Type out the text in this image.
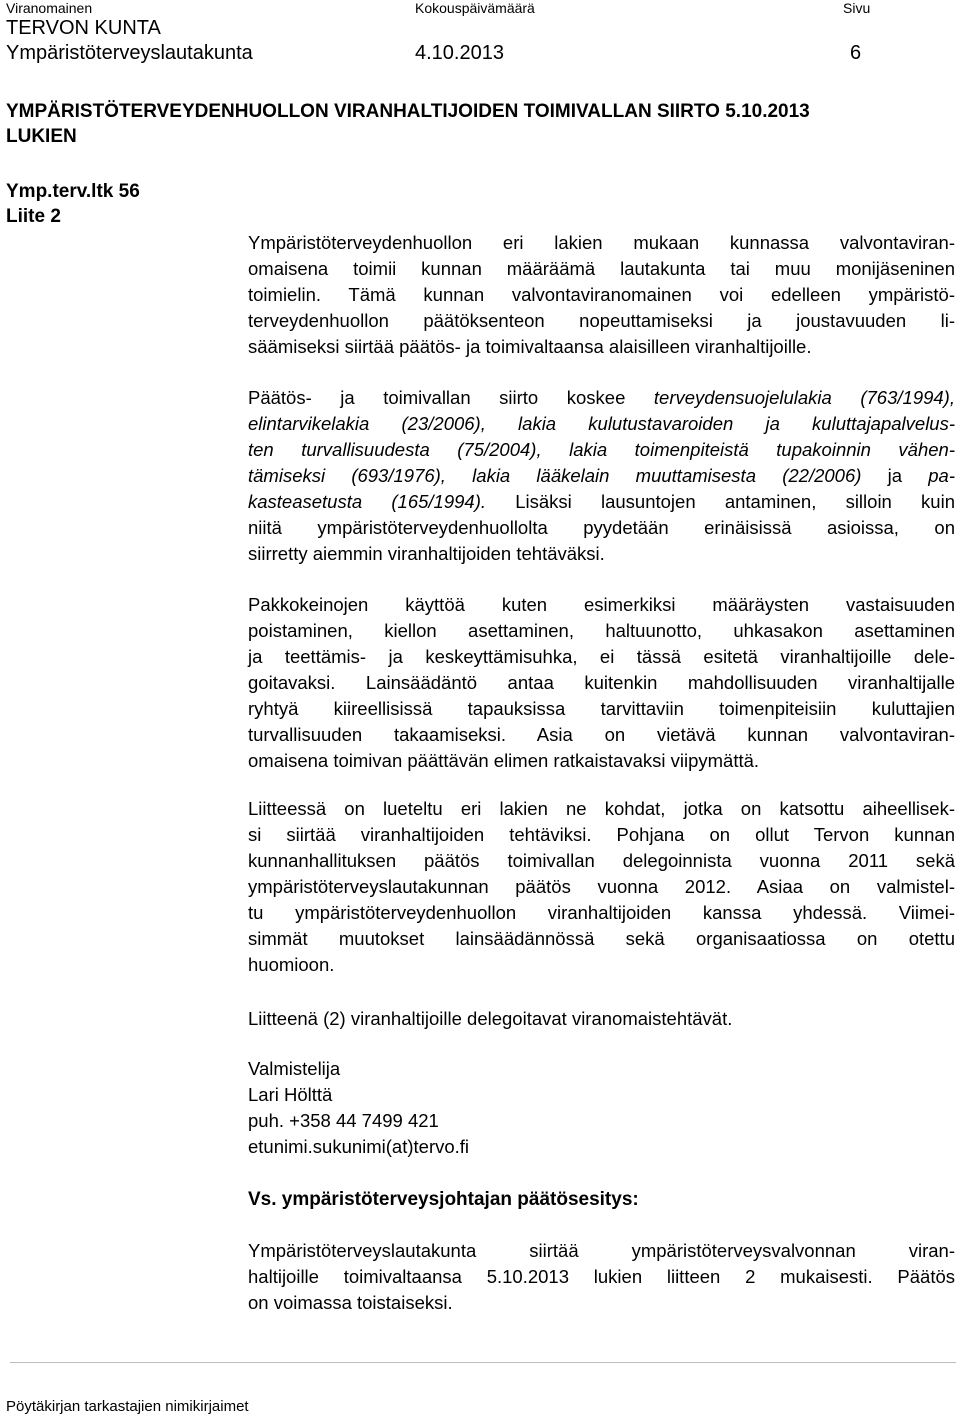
Viranomainen	Kokouspäivämäärä	Sivu
TERVON KUNTA
Ympäristöterveyslautakunta	4.10.2013	6
YMPÄRISTÖTERVEYDENHUOLLON VIRANHALTIJOIDEN TOIMIVALLAN SIIRTO 5.10.2013
LUKIEN
Ymp.terv.ltk 56
Liite 2
Ympäristöterveydenhuollon eri lakien mukaan kunnassa valvontaviran-
omaisena toimii kunnan määräämä lautakunta tai muu monijäseninen
toimielin. Tämä kunnan valvontaviranomainen voi edelleen ympäristö-
terveydenhuollon päätöksenteon nopeuttamiseksi ja joustavuuden li-
säämiseksi siirtää päätös- ja toimivaltaansa alaisilleen viranhaltijoille.
Päätös- ja toimivallan siirto koskee terveydensuojelulakia (763/1994),
elintarvikelakia (23/2006), lakia kulutustavaroiden ja kuluttajapalvelus-
ten turvallisuudesta (75/2004), lakia toimenpiteistä tupakoinnin vähen-
tämiseksi (693/1976), lakia lääkelain muuttamisesta (22/2006) ja pa-
kasteasetusta (165/1994). Lisäksi lausuntojen antaminen, silloin kuin
niitä ympäristöterveydenhuollolta pyydetään erinäisissä asioissa, on
siirretty aiemmin viranhaltijoiden tehtäväksi.
Pakkokeinojen käyttöä kuten esimerkiksi määräysten vastaisuuden
poistaminen, kiellon asettaminen, haltuunotto, uhkasakon asettaminen
ja teettämis- ja keskeyttämisuhka, ei tässä esitetä viranhaltijoille dele-
goitavaksi. Lainsäädäntö antaa kuitenkin mahdollisuuden viranhaltijalle
ryhtyä kiireellisissä tapauksissa tarvittaviin toimenpiteisiin kuluttajien
turvallisuuden takaamiseksi. Asia on vietävä kunnan valvontaviran-
omaisena toimivan päättävän elimen ratkaistavaksi viipymättä.
Liitteessä on lueteltu eri lakien ne kohdat, jotka on katsottu aiheellisek-
si siirtää viranhaltijoiden tehtäviksi. Pohjana on ollut Tervon kunnan
kunnanhallituksen päätös toimivallan delegoinnista vuonna 2011 sekä
ympäristöterveyslautakunnan päätös vuonna 2012. Asiaa on valmistel-
tu ympäristöterveydenhuollon viranhaltijoiden kanssa yhdessä. Viimei-
simmät muutokset lainsäädännössä sekä organisaatiossa on otettu
huomioon.
Liitteenä (2) viranhaltijoille delegoitavat viranomaistehtävät.
Valmistelija
Lari Hölttä
puh. +358 44 7499 421
etunimi.sukunimi(at)tervo.fi
Vs. ympäristöterveysjohtajan päätösesitys:
Ympäristöterveyslautakunta siirtää ympäristöterveysvalvonnan viran-
haltijoille toimivaltaansa 5.10.2013 lukien liitteen 2 mukaisesti. Päätös
on voimassa toistaiseksi.
Pöytäkirjan tarkastajien nimikirjaimet
